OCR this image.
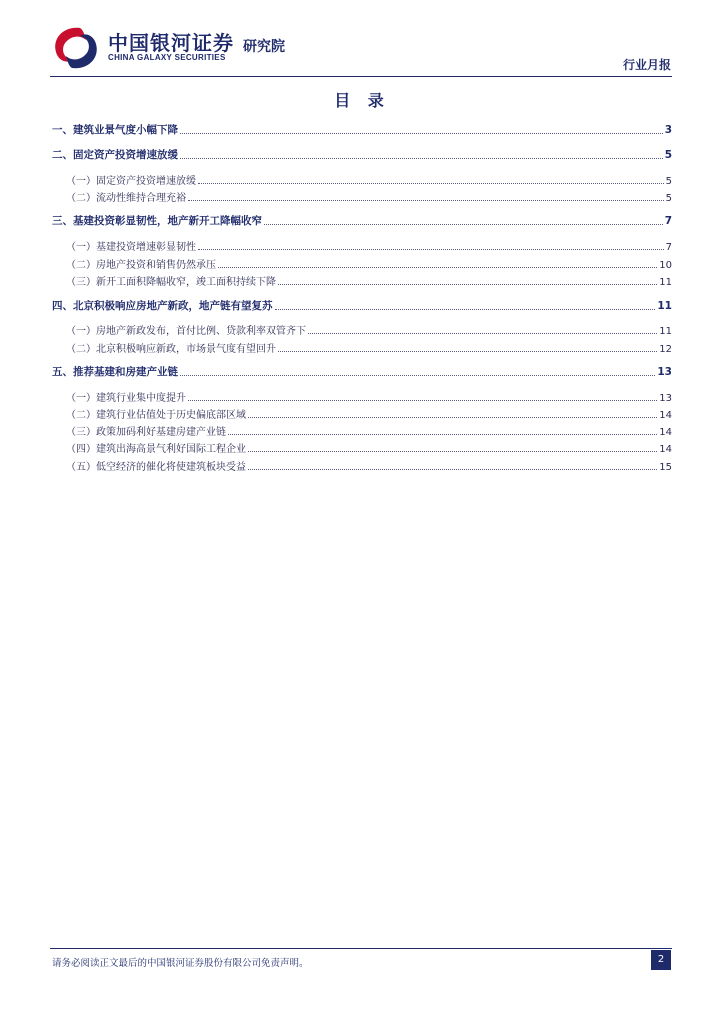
中国银河证券
CHINA GALAXY SECURITIES
研究院
行业月报
目 录
一、建筑业景气度小幅下降	3
二、固定资产投资增速放缓	5
（一）固定资产投资增速放缓	5
（二）流动性维持合理充裕	5
三、基建投资彰显韧性，地产新开工降幅收窄	7
（一）基建投资增速彰显韧性	7
（二）房地产投资和销售仍然承压	10
（三）新开工面积降幅收窄，竣工面积持续下降	11
四、北京积极响应房地产新政，地产链有望复苏	11
（一）房地产新政发布，首付比例、贷款利率双管齐下	11
（二）北京积极响应新政，市场景气度有望回升	12
五、推荐基建和房建产业链	13
（一）建筑行业集中度提升	13
（二）建筑行业估值处于历史偏底部区域	14
（三）政策加码利好基建房建产业链	14
（四）建筑出海高景气利好国际工程企业	14
（五）低空经济的催化将使建筑板块受益	15
请务必阅读正文最后的中国银河证券股份有限公司免责声明。	2
